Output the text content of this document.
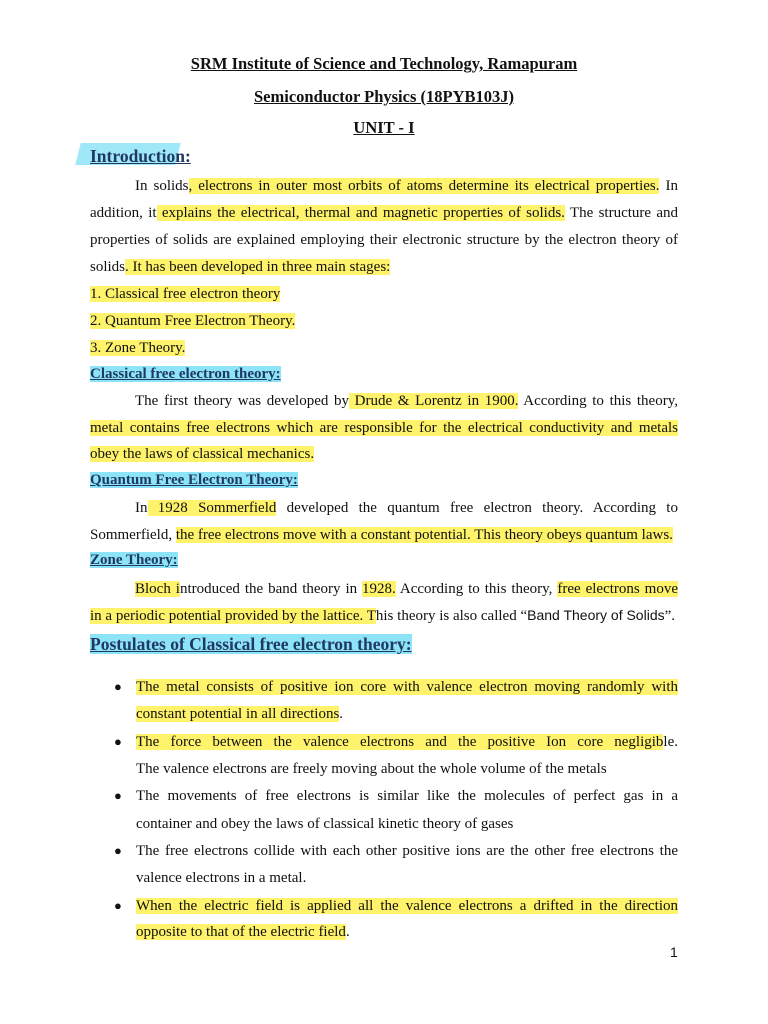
SRM Institute of Science and Technology, Ramapuram
Semiconductor Physics (18PYB103J)
UNIT - I
Introduction:
In solids, electrons in outer most orbits of atoms determine its electrical properties. In
addition, it explains the electrical, thermal and magnetic properties of solids. The structure and
properties of solids are explained employing their electronic structure by the electron theory of
solids. It has been developed in three main stages:
1. Classical free electron theory
2. Quantum Free Electron Theory.
3. Zone Theory.
Classical free electron theory:
The first theory was developed by Drude & Lorentz in 1900. According to this theory,
metal contains free electrons which are responsible for the electrical conductivity and metals
obey the laws of classical mechanics.
Quantum Free Electron Theory:
In 1928 Sommerfield developed the quantum free electron theory. According to
Sommerfield, the free electrons move with a constant potential. This theory obeys quantum laws.
Zone Theory:
Bloch introduced the band theory in 1928. According to this theory, free electrons move
in a periodic potential provided by the lattice. This theory is also called “Band Theory of Solids”.
Postulates of Classical free electron theory:
● The metal consists of positive ion core with valence electron moving randomly with
constant potential in all directions.
● The force between the valence electrons and the positive Ion core negligible.
The valence electrons are freely moving about the whole volume of the metals
● The movements of free electrons is similar like the molecules of perfect gas in a
container and obey the laws of classical kinetic theory of gases
● The free electrons collide with each other positive ions are the other free electrons the
valence electrons in a metal.
● When the electric field is applied all the valence electrons a drifted in the direction
opposite to that of the electric field.
1
